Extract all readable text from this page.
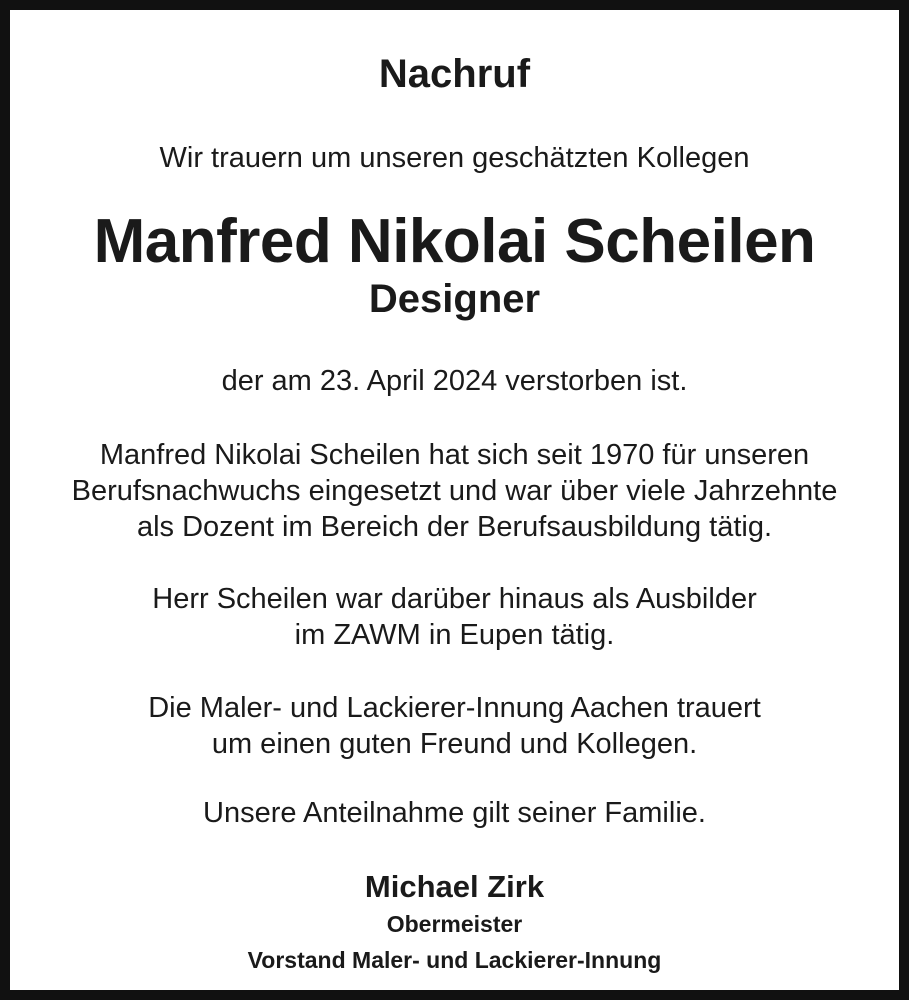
Nachruf
Wir trauern um unseren geschätzten Kollegen
Manfred Nikolai Scheilen
Designer
der am 23. April 2024 verstorben ist.
Manfred Nikolai Scheilen hat sich seit 1970 für unseren
Berufsnachwuchs eingesetzt und war über viele Jahrzehnte
als Dozent im Bereich der Berufsausbildung tätig.
Herr Scheilen war darüber hinaus als Ausbilder
im ZAWM in Eupen tätig.
Die Maler- und Lackierer-Innung Aachen trauert
um einen guten Freund und Kollegen.
Unsere Anteilnahme gilt seiner Familie.
Michael Zirk
Obermeister
Vorstand Maler- und Lackierer-Innung
